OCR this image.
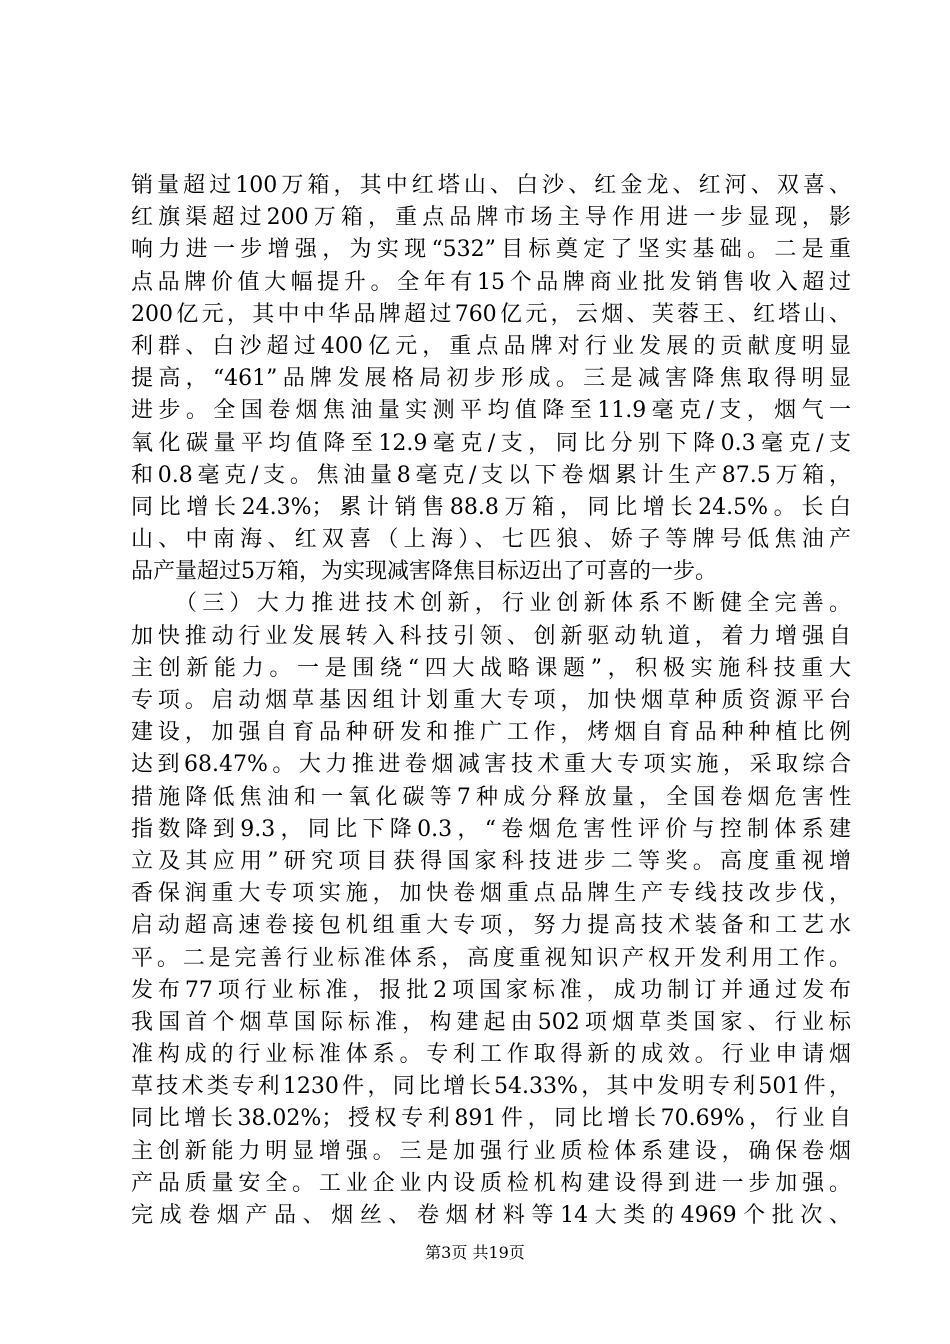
销量超过100万箱，其中红塔山、白沙、红金龙、红河、双喜、
红旗渠超过200万箱，重点品牌市场主导作用进一步显现，影
响力进一步增强，为实现“532”目标奠定了坚实基础。二是重
点品牌价值大幅提升。全年有15个品牌商业批发销售收入超过
200亿元，其中中华品牌超过760亿元，云烟、芙蓉王、红塔山、
利群、白沙超过400亿元，重点品牌对行业发展的贡献度明显
提高，“461”品牌发展格局初步形成。三是减害降焦取得明显
进步。全国卷烟焦油量实测平均值降至11.9毫克/支，烟气一
氧化碳量平均值降至12.9毫克/支，同比分别下降0.3毫克/支
和0.8毫克/支。焦油量8毫克/支以下卷烟累计生产87.5万箱，
同比增长24.3%；累计销售88.8万箱，同比增长24.5%。长白
山、中南海、红双喜（上海）、七匹狼、娇子等牌号低焦油产
品产量超过5万箱，为实现减害降焦目标迈出了可喜的一步。
（三）大力推进技术创新，行业创新体系不断健全完善。
加快推动行业发展转入科技引领、创新驱动轨道，着力增强自
主创新能力。一是围绕“四大战略课题”，积极实施科技重大
专项。启动烟草基因组计划重大专项，加快烟草种质资源平台
建设，加强自育品种研发和推广工作，烤烟自育品种种植比例
达到68.47%。大力推进卷烟减害技术重大专项实施，采取综合
措施降低焦油和一氧化碳等7种成分释放量，全国卷烟危害性
指数降到9.3，同比下降0.3，“卷烟危害性评价与控制体系建
立及其应用”研究项目获得国家科技进步二等奖。高度重视增
香保润重大专项实施，加快卷烟重点品牌生产专线技改步伐，
启动超高速卷接包机组重大专项，努力提高技术装备和工艺水
平。二是完善行业标准体系，高度重视知识产权开发利用工作。
发布77项行业标准，报批2项国家标准，成功制订并通过发布
我国首个烟草国际标准，构建起由502项烟草类国家、行业标
准构成的行业标准体系。专利工作取得新的成效。行业申请烟
草技术类专利1230件，同比增长54.33%，其中发明专利501件，
同比增长38.02%；授权专利891件，同比增长70.69%，行业自
主创新能力明显增强。三是加强行业质检体系建设，确保卷烟
产品质量安全。工业企业内设质检机构建设得到进一步加强。
完成卷烟产品、烟丝、卷烟材料等14大类的4969个批次、
第3页 共19页
